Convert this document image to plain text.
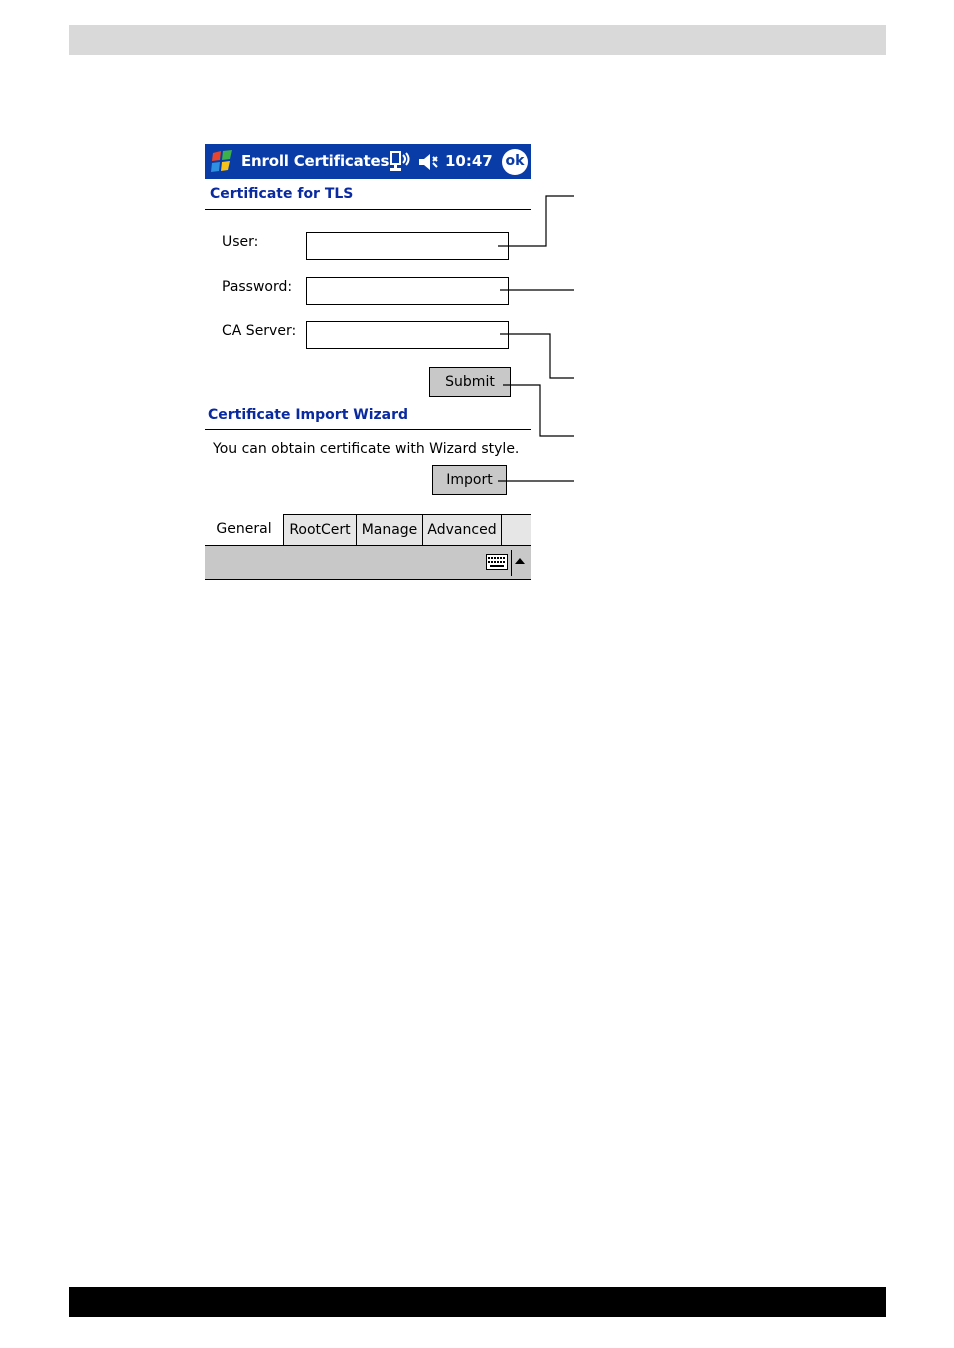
Enroll Certificates	10:47 ok
Certificate for TLS
User:
Password:
CA Server:
Submit
Certificate Import Wizard
You can obtain certificate with Wizard style.
Import
General	RootCert Manage Advanced
